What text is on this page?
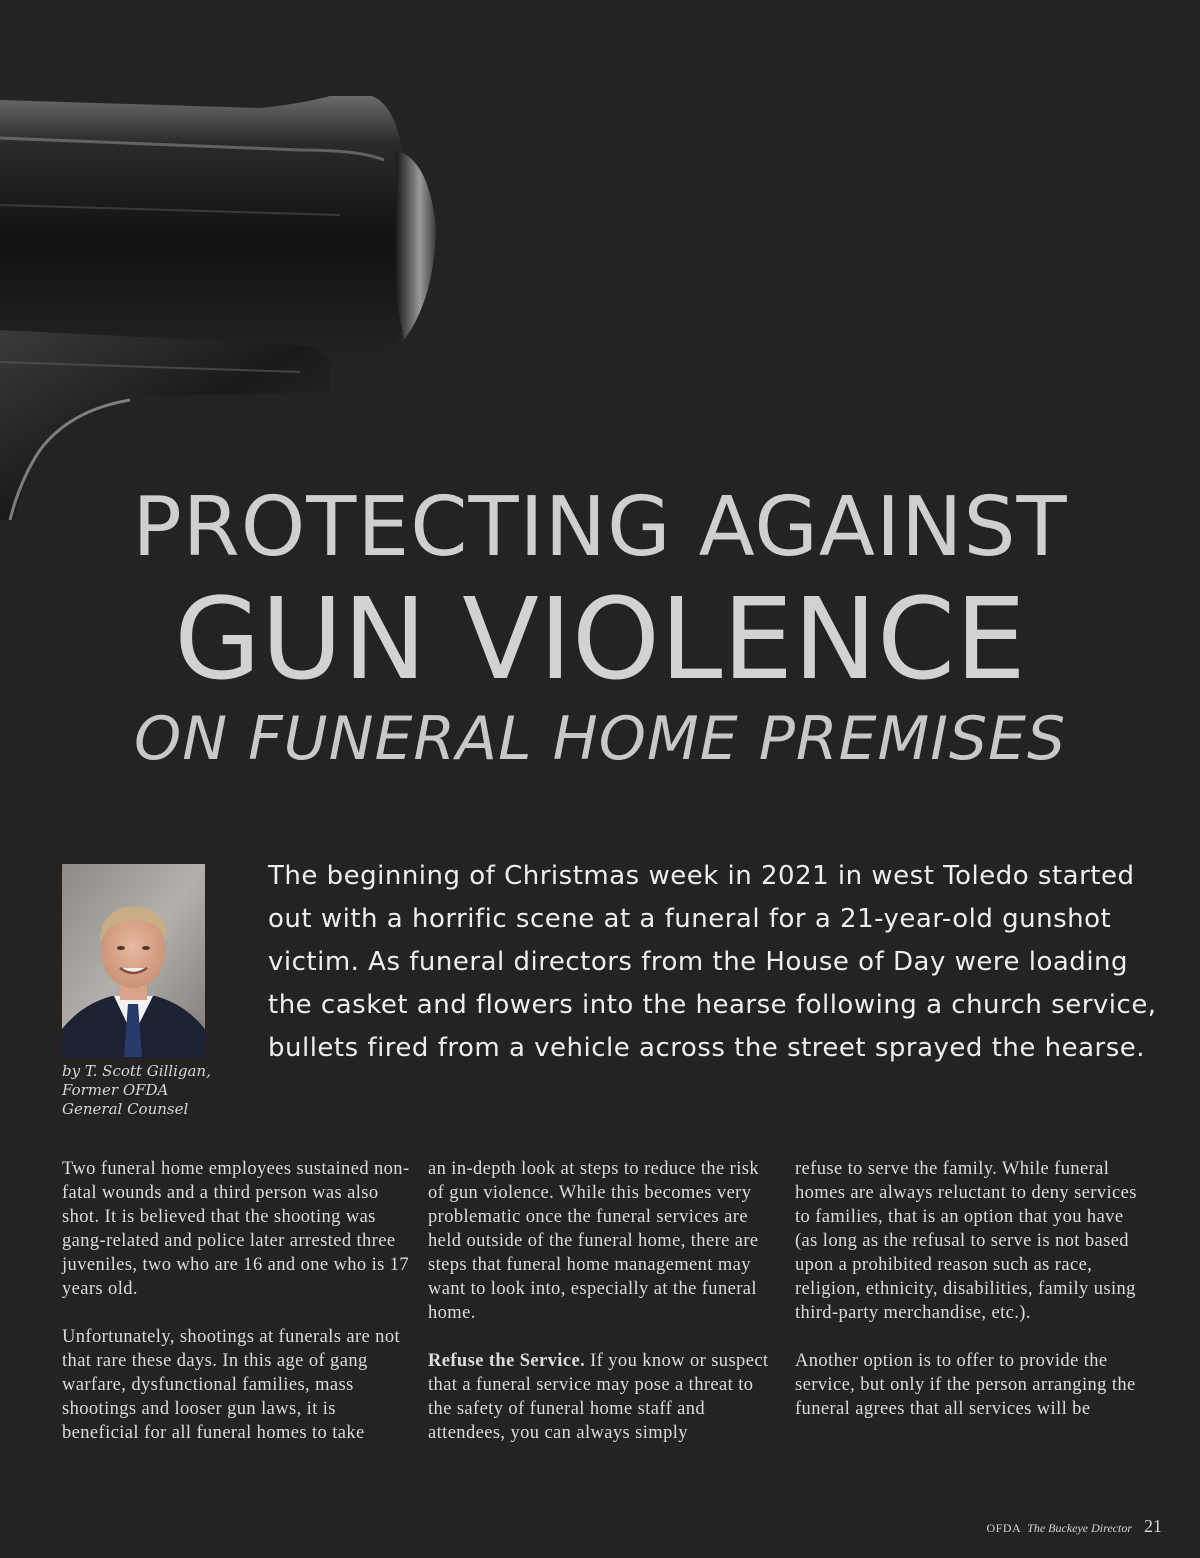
PROTECTING AGAINST
GUN VIOLENCE
ON FUNERAL HOME PREMISES
by T. Scott Gilligan,
Former OFDA
General Counsel
The beginning of Christmas week in 2021 in west Toledo started out with a horrific scene at a funeral for a 21-year-old gunshot victim. As funeral directors from the House of Day were loading the casket and flowers into the hearse following a church service, bullets fired from a vehicle across the street sprayed the hearse.

Two funeral home employees sustained non-fatal wounds and a third person was also shot. It is believed that the shooting was gang-related and police later arrested three juveniles, two who are 16 and one who is 17 years old.

Unfortunately, shootings at funerals are not that rare these days. In this age of gang warfare, dysfunctional families, mass shootings and looser gun laws, it is beneficial for all funeral homes to take

an in-depth look at steps to reduce the risk of gun violence. While this becomes very problematic once the funeral services are held outside of the funeral home, there are steps that funeral home management may want to look into, especially at the funeral home.

Refuse the Service. If you know or suspect that a funeral service may pose a threat to the safety of funeral home staff and attendees, you can always simply

refuse to serve the family. While funeral homes are always reluctant to deny services to families, that is an option that you have (as long as the refusal to serve is not based upon a prohibited reason such as race, religion, ethnicity, disabilities, family using third-party merchandise, etc.).

Another option is to offer to provide the service, but only if the person arranging the funeral agrees that all services will be

OFDA The Buckeye Director 21
